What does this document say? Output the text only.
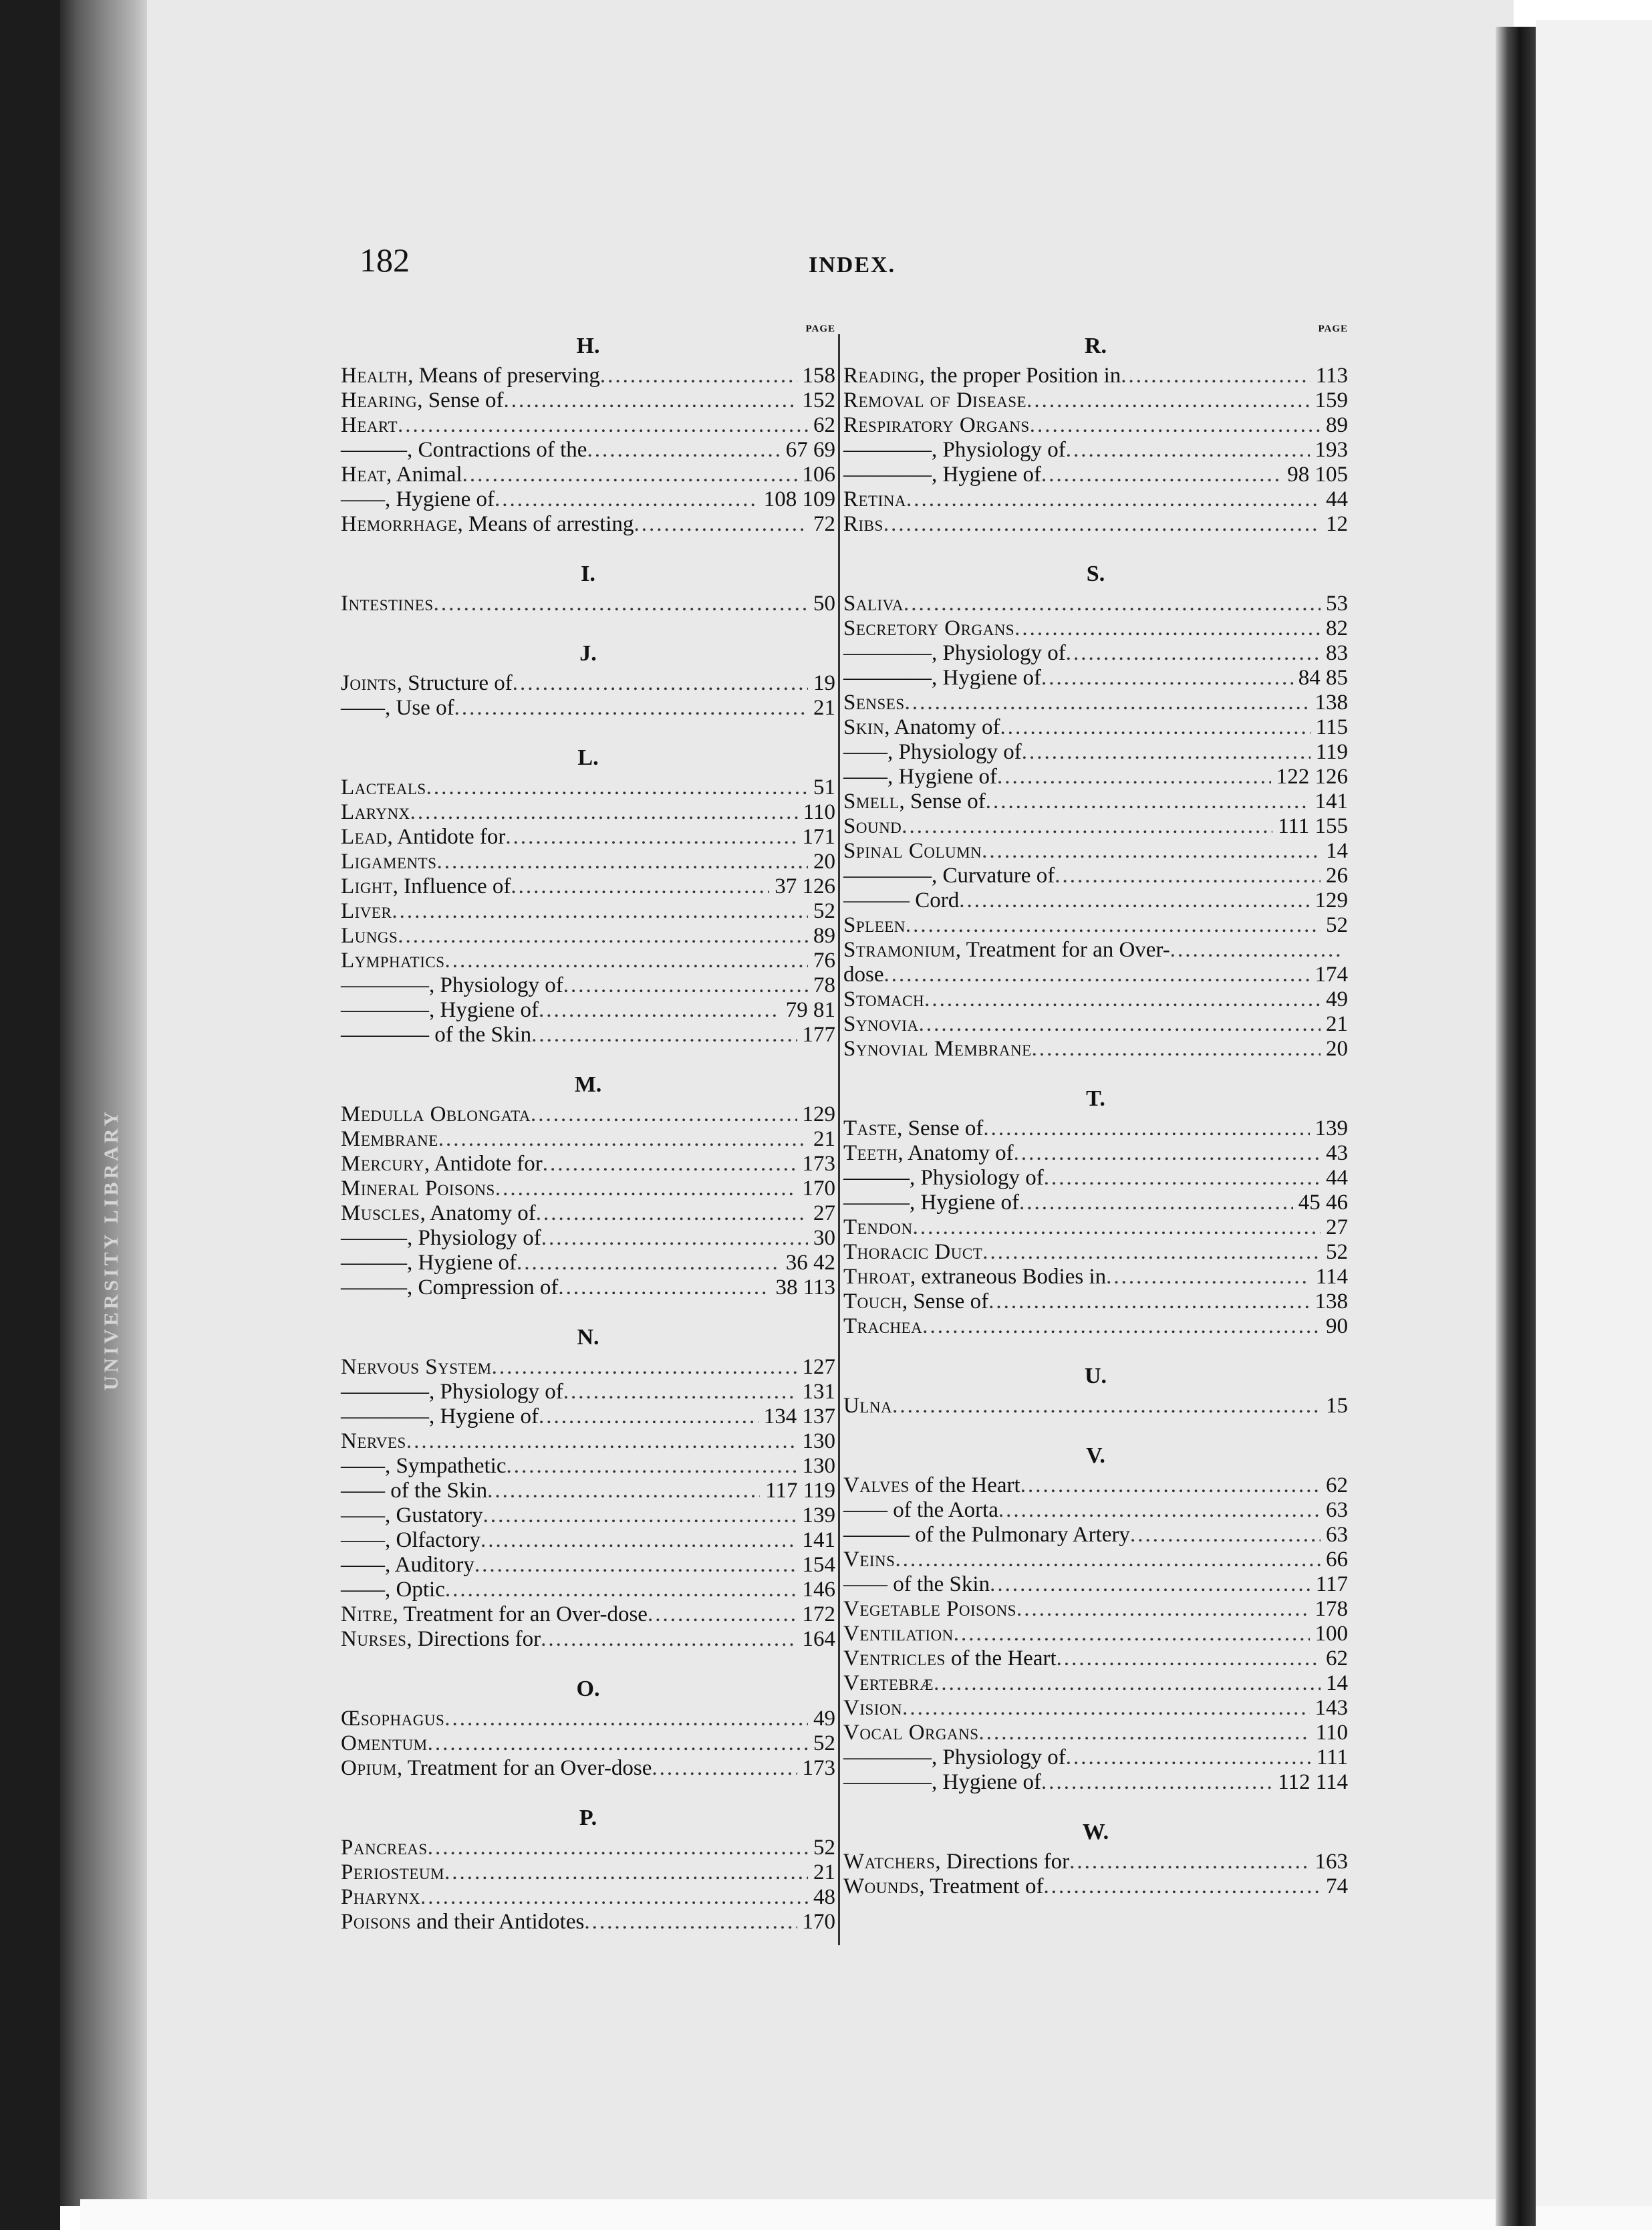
UNIVERSITY LIBRARY
182	INDEX.
PAGE
H.
Health, Means of preserving .....	158
Hearing, Sense of .....	152
Heart .....	62
———, Contractions of the .....	67 69
Heat, Animal .....	106
——, Hygiene of .....	108 109
Hemorrhage, Means of arresting .....	72
I.
Intestines .....	50
J.
Joints, Structure of .....	19
——, Use of .....	21
L.
Lacteals .....	51
Larynx .....	110
Lead, Antidote for .....	171
Ligaments .....	20
Light, Influence of .....	37 126
Liver .....	52
Lungs .....	89
Lymphatics .....	76
————, Physiology of .....	78
————, Hygiene of .....	79 81
———— of the Skin .....	177
M.
Medulla Oblongata .....	129
Membrane .....	21
Mercury, Antidote for .....	173
Mineral Poisons .....	170
Muscles, Anatomy of .....	27
———, Physiology of .....	30
———, Hygiene of .....	36 42
———, Compression of .....	38 113
N.
Nervous System .....	127
————, Physiology of .....	131
————, Hygiene of .....	134 137
Nerves .....	130
——, Sympathetic .....	130
—— of the Skin .....	117 119
——, Gustatory .....	139
——, Olfactory .....	141
——, Auditory .....	154
——, Optic .....	146
Nitre, Treatment for an Over-dose .....	172
Nurses, Directions for .....	164
O.
Œsophagus .....	49
Omentum .....	52
Opium, Treatment for an Over-dose .....	173
P.
Pancreas .....	52
Periosteum .....	21
Pharynx .....	48
Poisons and their Antidotes .....	170
PAGE
R.
Reading, the proper Position in .....	113
Removal of Disease .....	159
Respiratory Organs .....	89
————, Physiology of .....	193
————, Hygiene of .....	98 105
Retina .....	44
Ribs .....	12
S.
Saliva .....	53
Secretory Organs .....	82
————, Physiology of .....	83
————, Hygiene of .....	84 85
Senses .....	138
Skin, Anatomy of .....	115
——, Physiology of .....	119
——, Hygiene of .....	122 126
Smell, Sense of .....	141
Sound .....	111 155
Spinal Column .....	14
————, Curvature of .....	26
——— Cord .....	129
Spleen .....	52
Stramonium, Treatment for an Over-
.....
dose .....	174
Stomach .....	49
Synovia .....	21
Synovial Membrane .....	20
T.
Taste, Sense of .....	139
Teeth, Anatomy of .....	43
———, Physiology of .....	44
———, Hygiene of .....	45 46
Tendon .....	27
Thoracic Duct .....	52
Throat, extraneous Bodies in .....	114
Touch, Sense of .....	138
Trachea .....	90
U.
Ulna .....	15
V.
Valves of the Heart .....	62
—— of the Aorta .....	63
——— of the Pulmonary Artery .....	63
Veins .....	66
—— of the Skin .....	117
Vegetable Poisons .....	178
Ventilation .....	100
Ventricles of the Heart .....	62
Vertebræ .....	14
Vision .....	143
Vocal Organs .....	110
————, Physiology of .....	111
————, Hygiene of .....	112 114
W.
Watchers, Directions for .....	163
Wounds, Treatment of .....	74
